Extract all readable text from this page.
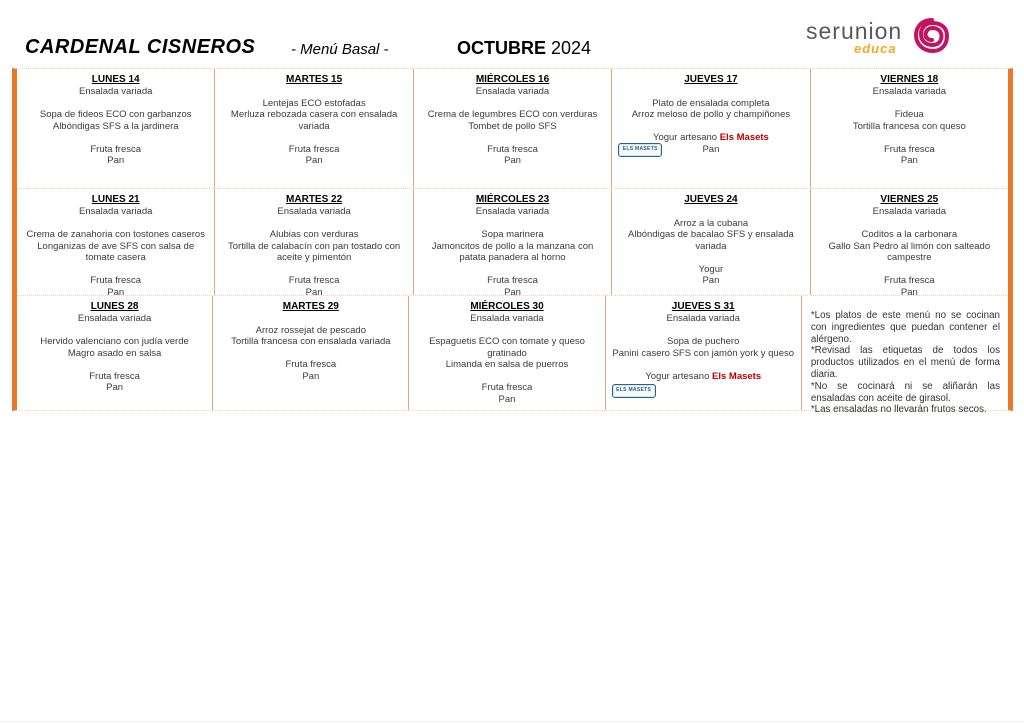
CARDENAL CISNEROS - Menú Basal -	OCTUBRE 2024
serunion
educa
LUNES 14
Ensalada variada

Sopa de fideos ECO con garbanzos
Albóndigas SFS a la jardinera

Fruta fresca
Pan
MARTES 15

Lentejas ECO estofadas
Merluza rebozada casera con ensalada variada

Fruta fresca
Pan
MIÉRCOLES 16
Ensalada variada

Crema de legumbres ECO con verduras
Tombet de pollo SFS

Fruta fresca
Pan
JUEVES 17

Plato de ensalada completa
Arroz meloso de pollo y champiñones

Yogur artesano Els Masets
Pan
ELS MASETS
VIERNES 18
Ensalada variada

Fideua
Tortilla francesa con queso

Fruta fresca
Pan
LUNES 21
Ensalada variada

Crema de zanahoria con tostones caseros
Longanizas de ave SFS con salsa de tomate casera

Fruta fresca
Pan
MARTES 22
Ensalada variada

Alubias con verduras
Tortilla de calabacín con pan tostado con aceite y pimentón

Fruta fresca
Pan
MIÉRCOLES 23
Ensalada variada

Sopa marinera
Jamoncitos de pollo a la manzana con patata panadera al horno

Fruta fresca
Pan
JUEVES 24

Arroz a la cubana
Albóndigas de bacalao SFS y ensalada variada

Yogur
Pan
VIERNES 25
Ensalada variada

Coditos a la carbonara
Gallo San Pedro al limón con salteado campestre

Fruta fresca
Pan
LUNES 28
Ensalada variada

Hervido valenciano con judía verde
Magro asado en salsa

Fruta fresca
Pan
MARTES 29

Arroz rossejat de pescado
Tortilla francesa con ensalada variada

Fruta fresca
Pan
MIÉRCOLES 30
Ensalada variada

Espaguetis ECO con tomate y queso gratinado
Limanda en salsa de puerros

Fruta fresca
Pan
JUEVES S 31
Ensalada variada

Sopa de puchero
Panini casero SFS con jamón york y queso

Yogur artesano Els Masets
ELS MASETS

*Los platos de este menú no se cocinan con ingredientes que puedan contener el alérgeno.

*Revisad las etiquetas de todos los productos utilizados en el menú de forma diaria.

*No se cocinará ni se aliñarán las ensaladas con aceite de girasol.

*Las ensaladas no llevarán frutos secos.
